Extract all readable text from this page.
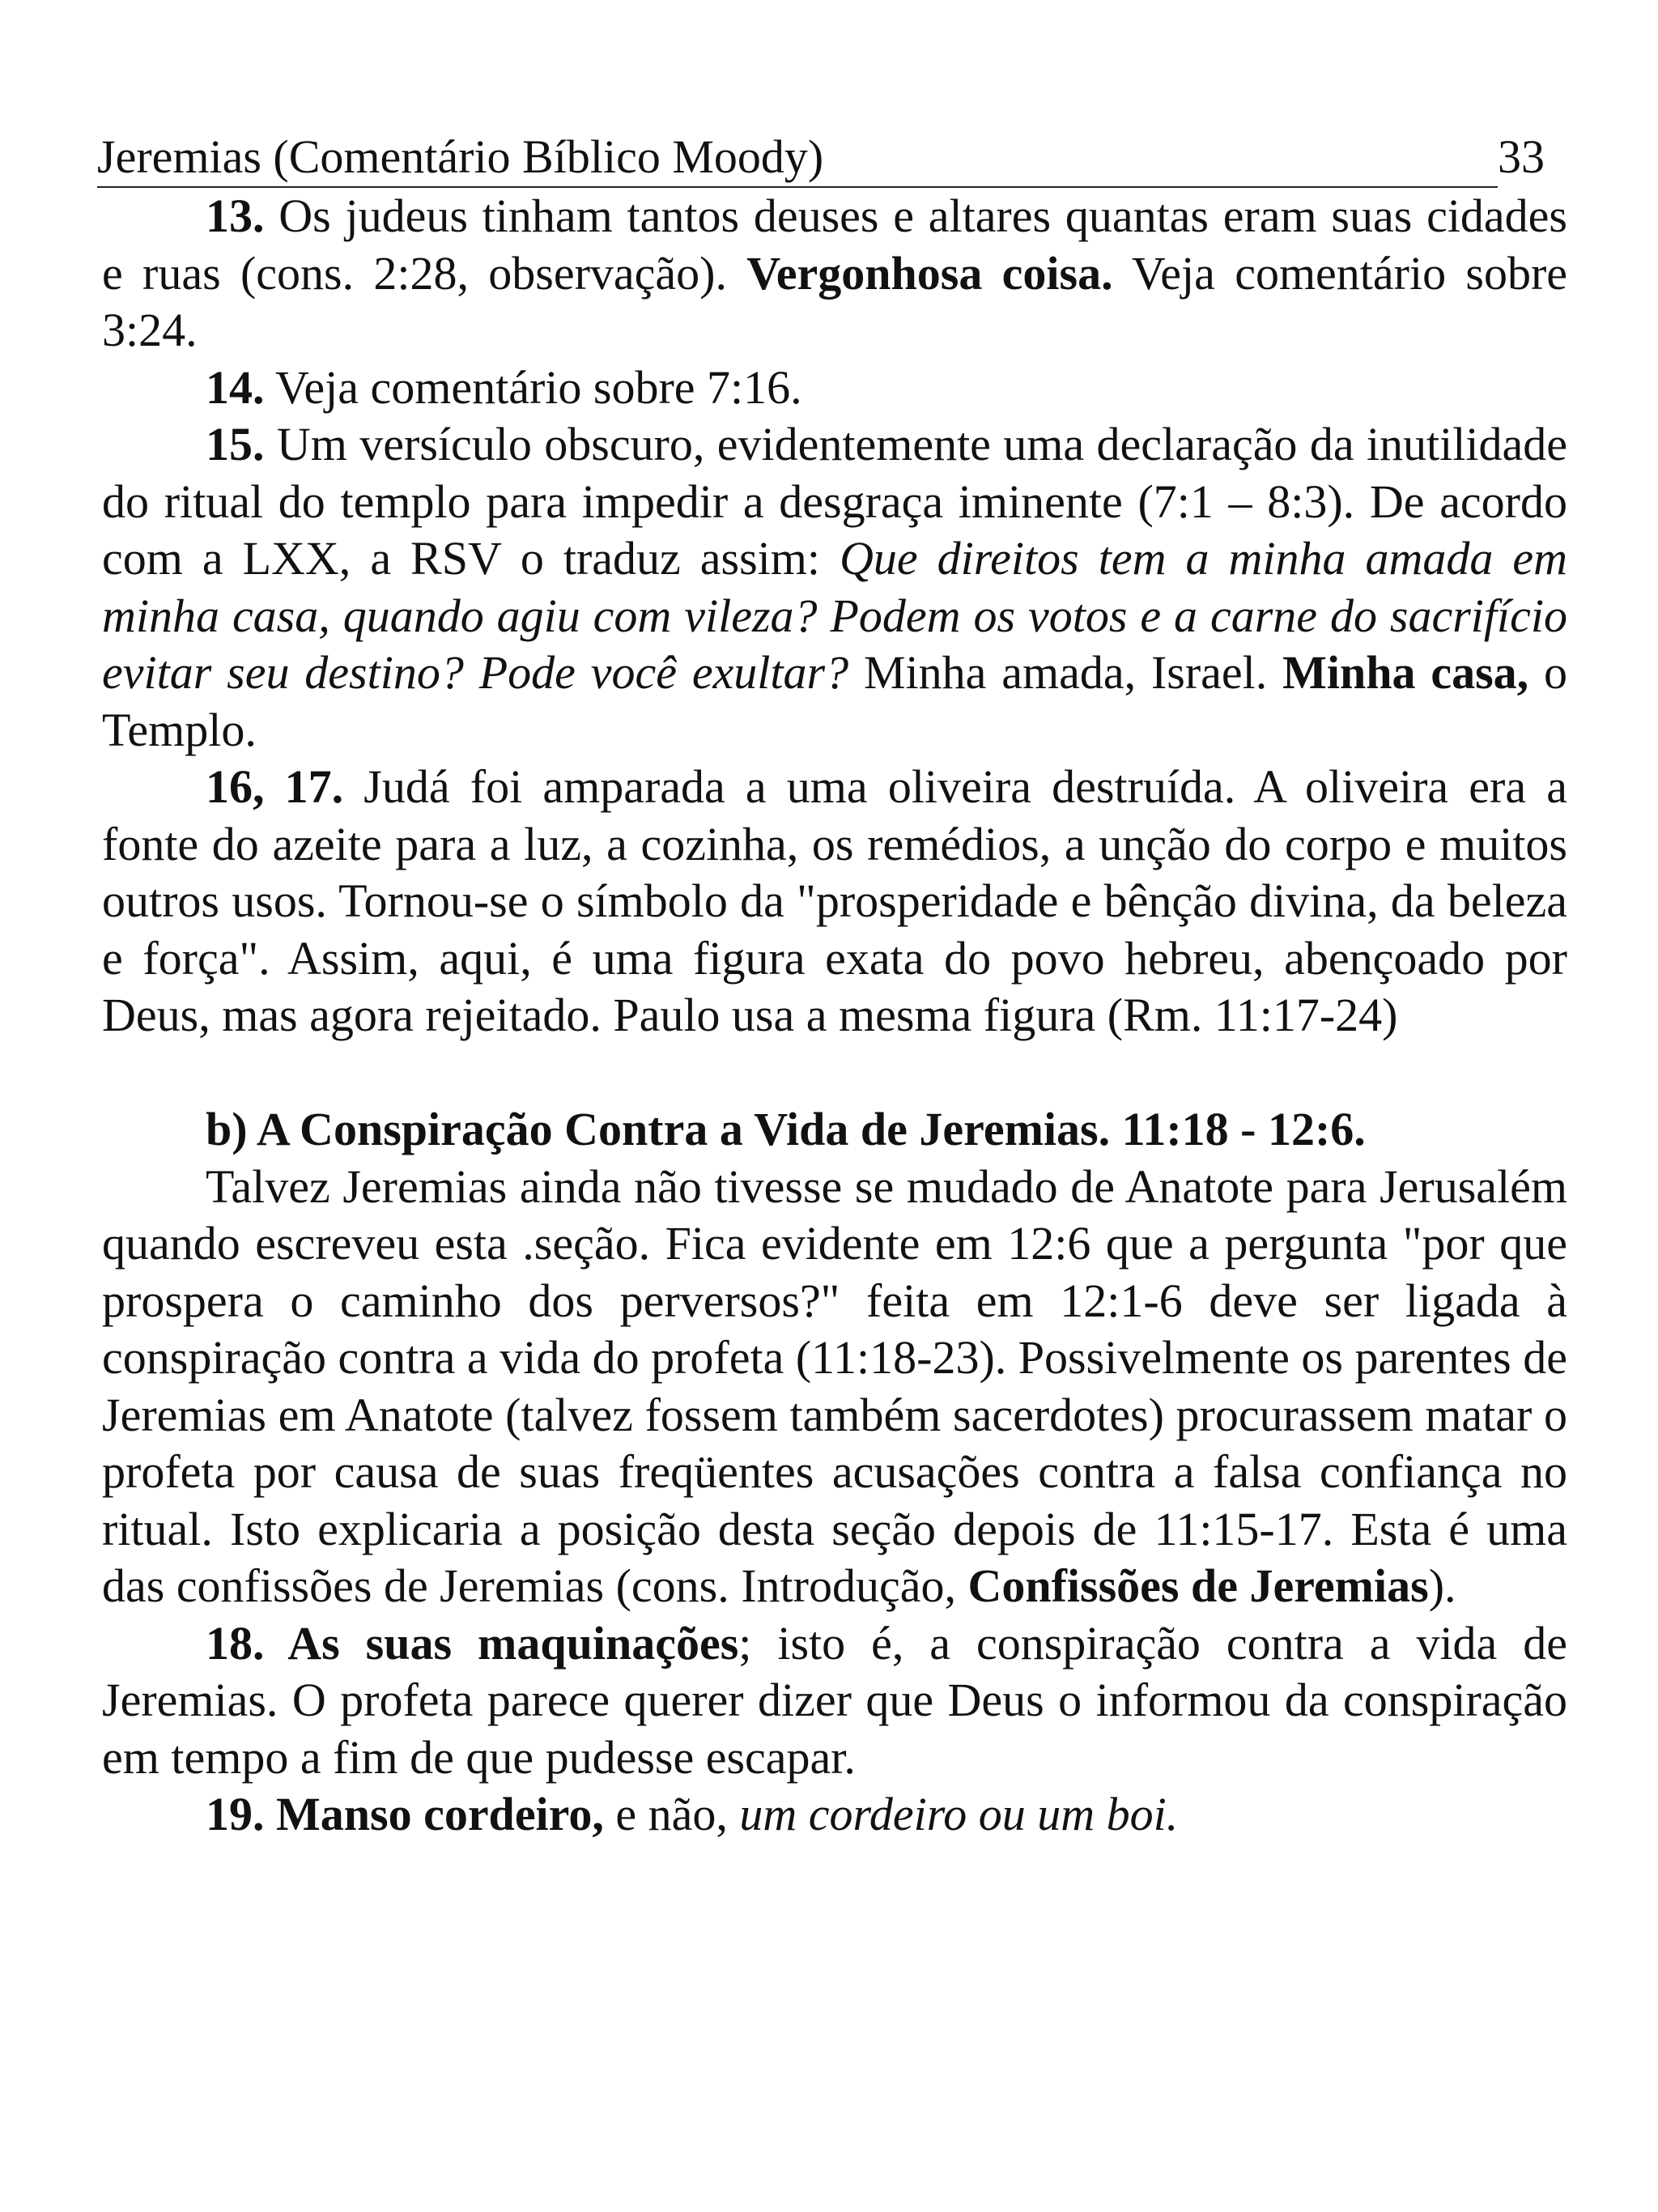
Jeremias (Comentário Bíblico Moody)	33

13. Os judeus tinham tantos deuses e altares quantas eram suas cidades e ruas (cons. 2:28, observação). Vergonhosa coisa. Veja comentário sobre 3:24.

14. Veja comentário sobre 7:16.

15. Um versículo obscuro, evidentemente uma declaração da inutilidade do ritual do templo para impedir a desgraça iminente (7:1 – 8:3). De acordo com a LXX, a RSV o traduz assim: Que direitos tem a minha amada em minha casa, quando agiu com vileza? Podem os votos e a carne do sacrifício evitar seu destino? Pode você exultar? Minha amada, Israel. Minha casa, o Templo.

16, 17. Judá foi amparada a uma oliveira destruída. A oliveira era a fonte do azeite para a luz, a cozinha, os remédios, a unção do corpo e muitos outros usos. Tornou-se o símbolo da "prosperidade e bênção divina, da beleza e força". Assim, aqui, é uma figura exata do povo hebreu, abençoado por Deus, mas agora rejeitado. Paulo usa a mesma figura (Rm. 11:17-24)

b) A Conspiração Contra a Vida de Jeremias. 11:18 - 12:6.

Talvez Jeremias ainda não tivesse se mudado de Anatote para Jerusalém quando escreveu esta .seção. Fica evidente em 12:6 que a pergunta "por que prospera o caminho dos perversos?" feita em 12:1-6 deve ser ligada à conspiração contra a vida do profeta (11:18-23). Possivelmente os parentes de Jeremias em Anatote (talvez fossem também sacerdotes) procurassem matar o profeta por causa de suas freqüentes acusações contra a falsa confiança no ritual. Isto explicaria a posição desta seção depois de 11:15-17. Esta é uma das confissões de Jeremias (cons. Introdução, Confissões de Jeremias).

18. As suas maquinações; isto é, a conspiração contra a vida de Jeremias. O profeta parece querer dizer que Deus o informou da conspiração em tempo a fim de que pudesse escapar.

19. Manso cordeiro, e não, um cordeiro ou um boi.
